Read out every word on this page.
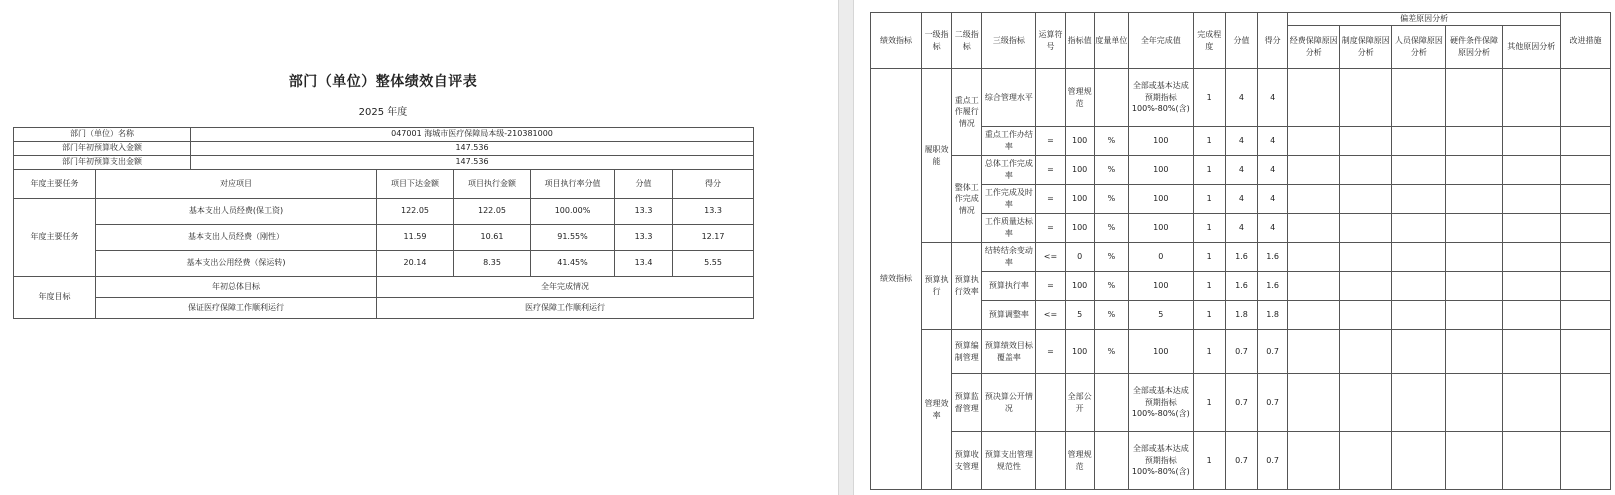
部门（单位）整体绩效自评表
2025 年度
部门（单位）名称		047001 海城市医疗保障局本级-210381000					
部门年初预算收入金额		147.536					
部门年初预算支出金额		147.536					
年度主要任务	对应项目		项目下达金额	项目执行金额	项目执行率分值	分值	得分
年度主要任务	基本支出人员经费(保工资)		122.05	122.05	100.00%	13.3	13.3
	基本支出人员经费（刚性）		11.59	10.61	91.55%	13.3	12.17
	基本支出公用经费（保运转)		20.14	8.35	41.45%	13.4	5.55
年度目标	年初总体目标		全年完成情况				
	保证医疗保障工作顺利运行		医疗保障工作顺利运行				
绩效指标	一级指标	二级指标	三级指标	运算符号	指标值	度量单位	全年完成值	完成程度	分值	得分	偏差原因分析					改进措施
											经费保障原因分析	制度保障原因分析	人员保障原因分析	硬件条件保障原因分析	其他原因分析	
绩效指标	履职效能	重点工作履行情况	综合管理水平		管理规范		全部或基本达成预期指标100%-80%(含)	1	4	4						
			重点工作办结率	=	100	%	100	1	4	4						
		整体工作完成情况	总体工作完成率	=	100	%	100	1	4	4						
			工作完成及时率	=	100	%	100	1	4	4						
			工作质量达标率	=	100	%	100	1	4	4						
	预算执行	预算执行效率	结转结余变动率	<=	0	%	0	1	1.6	1.6						
			预算执行率	=	100	%	100	1	1.6	1.6						
			预算调整率	<=	5	%	5	1	1.8	1.8						
	管理效率	预算编制管理	预算绩效目标覆盖率	=	100	%	100	1	0.7	0.7						
		预算监督管理	预决算公开情况		全部公开		全部或基本达成预期指标100%-80%(含)	1	0.7	0.7						
		预算收支管理	预算支出管理规范性		管理规范		全部或基本达成预期指标100%-80%(含)	1	0.7	0.7						
